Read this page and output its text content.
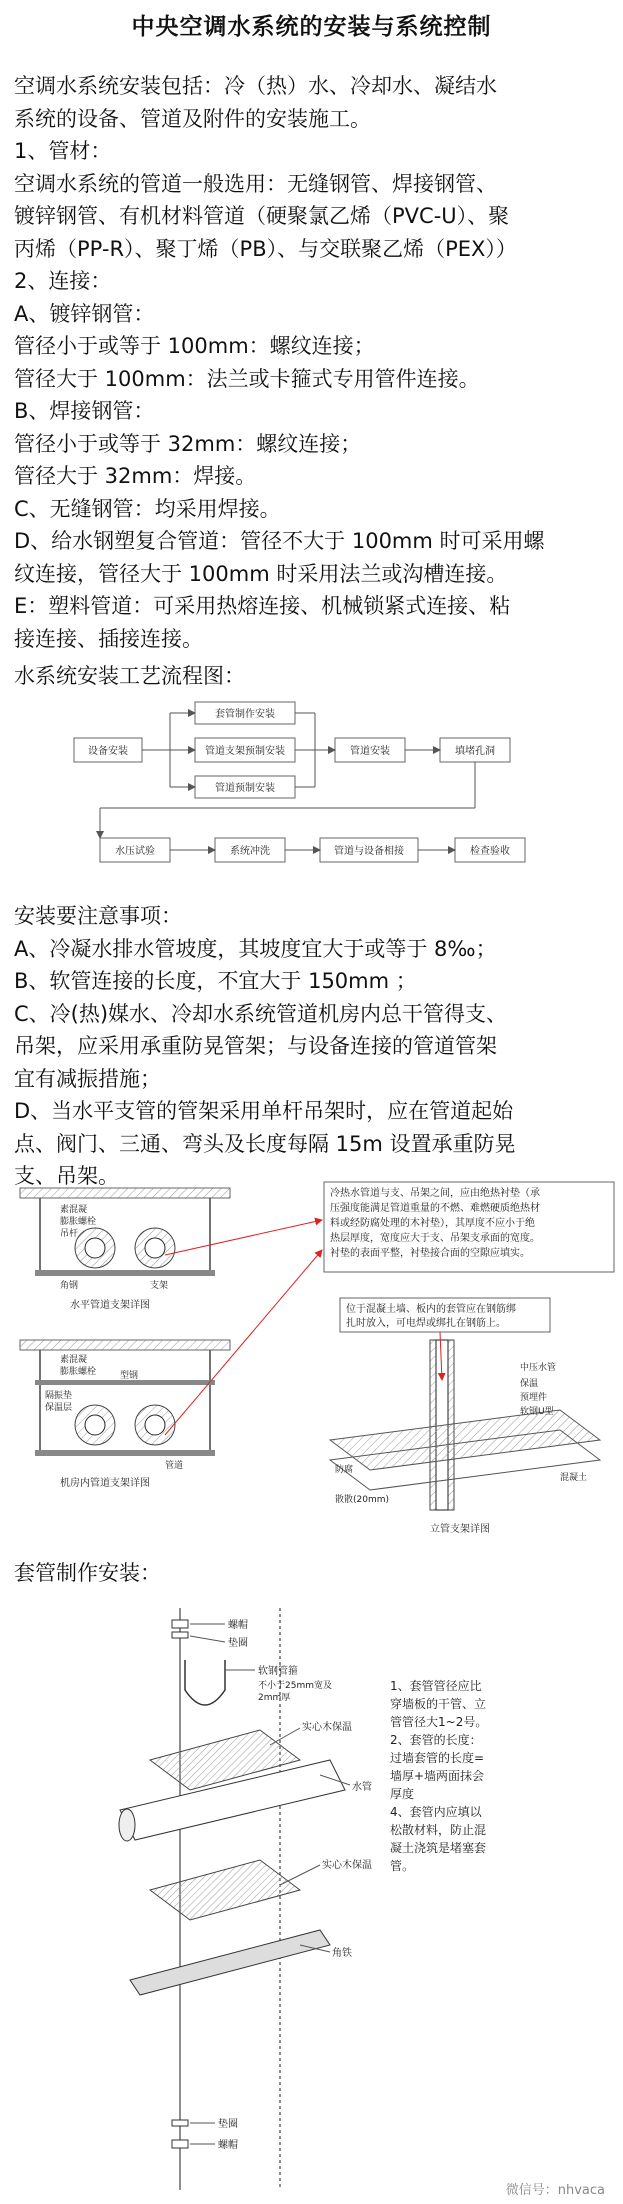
中央空调水系统的安装与系统控制
空调水系统安装包括：冷（热）水、冷却水、凝结水
系统的设备、管道及附件的安装施工。
1、管材：
空调水系统的管道一般选用：无缝钢管、焊接钢管、
镀锌钢管、有机材料管道（硬聚氯乙烯（PVC-U）、聚
丙烯（PP-R）、聚丁烯（PB）、与交联聚乙烯（PEX））
2、连接：
A、镀锌钢管：
管径小于或等于 100mm：螺纹连接；
管径大于 100mm：法兰或卡箍式专用管件连接。
B、焊接钢管：
管径小于或等于 32mm：螺纹连接；
管径大于 32mm：焊接。
C、无缝钢管：均采用焊接。
D、给水钢塑复合管道：管径不大于 100mm 时可采用螺
纹连接，管径大于 100mm 时采用法兰或沟槽连接。
E：塑料管道：可采用热熔连接、机械锁紧式连接、粘
接连接、插接连接。
水系统安装工艺流程图：
设备安装
套管制作安装
管道支架预制安装
管道预制安装
管道安装	填堵孔洞
水压试验	系统冲洗	管道与设备相接	检查验收
安装要注意事项：
A、冷凝水排水管坡度，其坡度宜大于或等于 8‰；
B、软管连接的长度，不宜大于 150mm ；
C、冷(热)媒水、冷却水系统管道机房内总干管得支、
吊架，应采用承重防晃管架；与设备连接的管道管架
宜有减振措施；
D、当水平支管的管架采用单杆吊架时，应在管道起始
点、阀门、三通、弯头及长度每隔 15m 设置承重防晃
支、吊架。
素混凝
膨胀螺栓
吊杆
角钢	支架
水平管道支架详图
素混凝
膨胀螺栓	型钢
隔振垫
保温层
管道
机房内管道支架详图
冷热水管道与支、吊架之间，应由绝热衬垫（承
压强度能满足管道重量的不燃、难燃硬质绝热材
料或经防腐处理的木衬垫），其厚度不应小于绝
热层厚度，宽度应大于支、吊架支承面的宽度。
衬垫的表面平整，衬垫接合面的空隙应填实。
位于混凝土墙、板内的套管应在钢筋绑
扎时放入，可电焊或绑扎在钢筋上。
中压水管
保温
预埋件
软钢U型
混凝土
防腐
散散(20mm)
立管支架详图
套管制作安装：
螺帽
垫圈
软钢管箍
不小于25mm宽及
2mm厚
实心木保温
水管
实心木保温
角铁
垫圈
螺帽
1、套管管径应比
穿墙板的干管、立
管管径大1~2号。
2、套管的长度：
过墙套管的长度=
墙厚+墙两面抹会
厚度
4、套管内应填以
松散材料，防止混
凝土浇筑是堵塞套
管。
微信号：nhvaca
